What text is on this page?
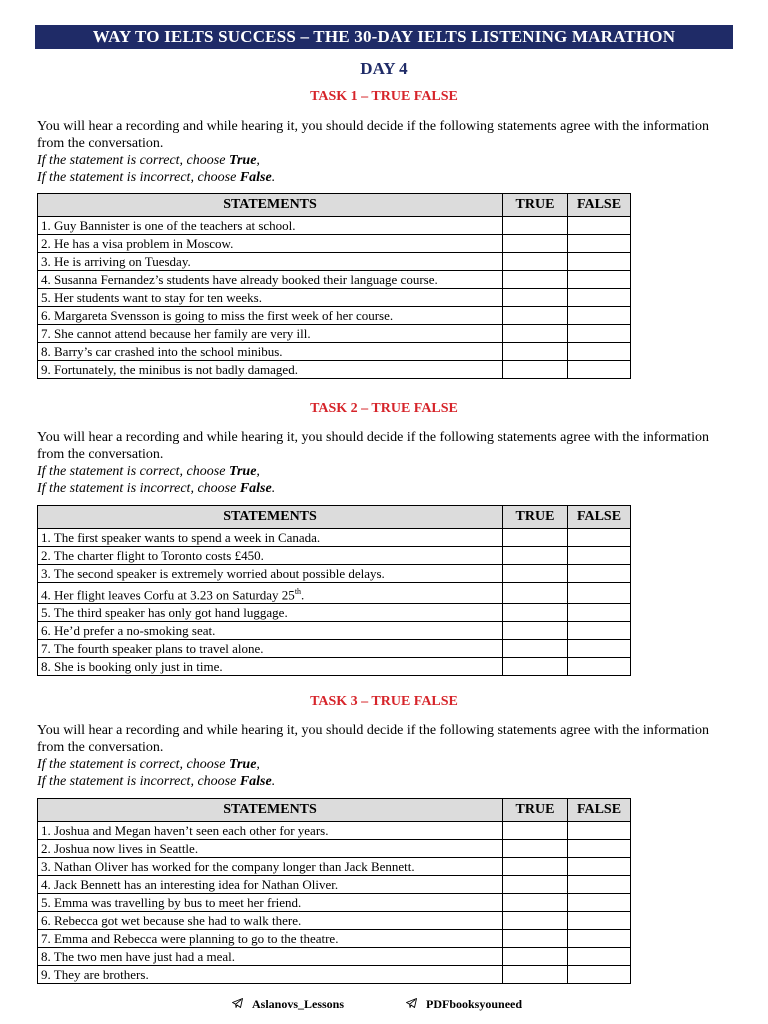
WAY TO IELTS SUCCESS – THE 30-DAY IELTS LISTENING MARATHON
DAY 4
TASK 1 – TRUE FALSE

You will hear a recording and while hearing it, you should decide if the following statements agree with the information from the conversation.

If the statement is correct, choose True,

If the statement is incorrect, choose False.

STATEMENTS	TRUE	FALSE
1. Guy Bannister is one of the teachers at school.		
2. He has a visa problem in Moscow.		
3. He is arriving on Tuesday.		
4. Susanna Fernandez’s students have already booked their language course.		
5. Her students want to stay for ten weeks.		
6. Margareta Svensson is going to miss the first week of her course.		
7. She cannot attend because her family are very ill.		
8. Barry’s car crashed into the school minibus.		
9. Fortunately, the minibus is not badly damaged.		
TASK 2 – TRUE FALSE

You will hear a recording and while hearing it, you should decide if the following statements agree with the information from the conversation.

If the statement is correct, choose True,

If the statement is incorrect, choose False.

STATEMENTS	TRUE	FALSE
1. The first speaker wants to spend a week in Canada.		
2. The charter flight to Toronto costs £450.		
3. The second speaker is extremely worried about possible delays.		
4. Her flight leaves Corfu at 3.23 on Saturday 25th.		
5. The third speaker has only got hand luggage.		
6. He’d prefer a no-smoking seat.		
7. The fourth speaker plans to travel alone.		
8. She is booking only just in time.		
TASK 3 – TRUE FALSE

You will hear a recording and while hearing it, you should decide if the following statements agree with the information from the conversation.

If the statement is correct, choose True,

If the statement is incorrect, choose False.

STATEMENTS	TRUE	FALSE
1. Joshua and Megan haven’t seen each other for years.		
2. Joshua now lives in Seattle.		
3. Nathan Oliver has worked for the company longer than Jack Bennett.		
4. Jack Bennett has an interesting idea for Nathan Oliver.		
5. Emma was travelling by bus to meet her friend.		
6. Rebecca got wet because she had to walk there.		
7. Emma and Rebecca were planning to go to the theatre.		
8. The two men have just had a meal.		
9. They are brothers.		
Aslanovs_Lessons	PDFbooksyouneed
